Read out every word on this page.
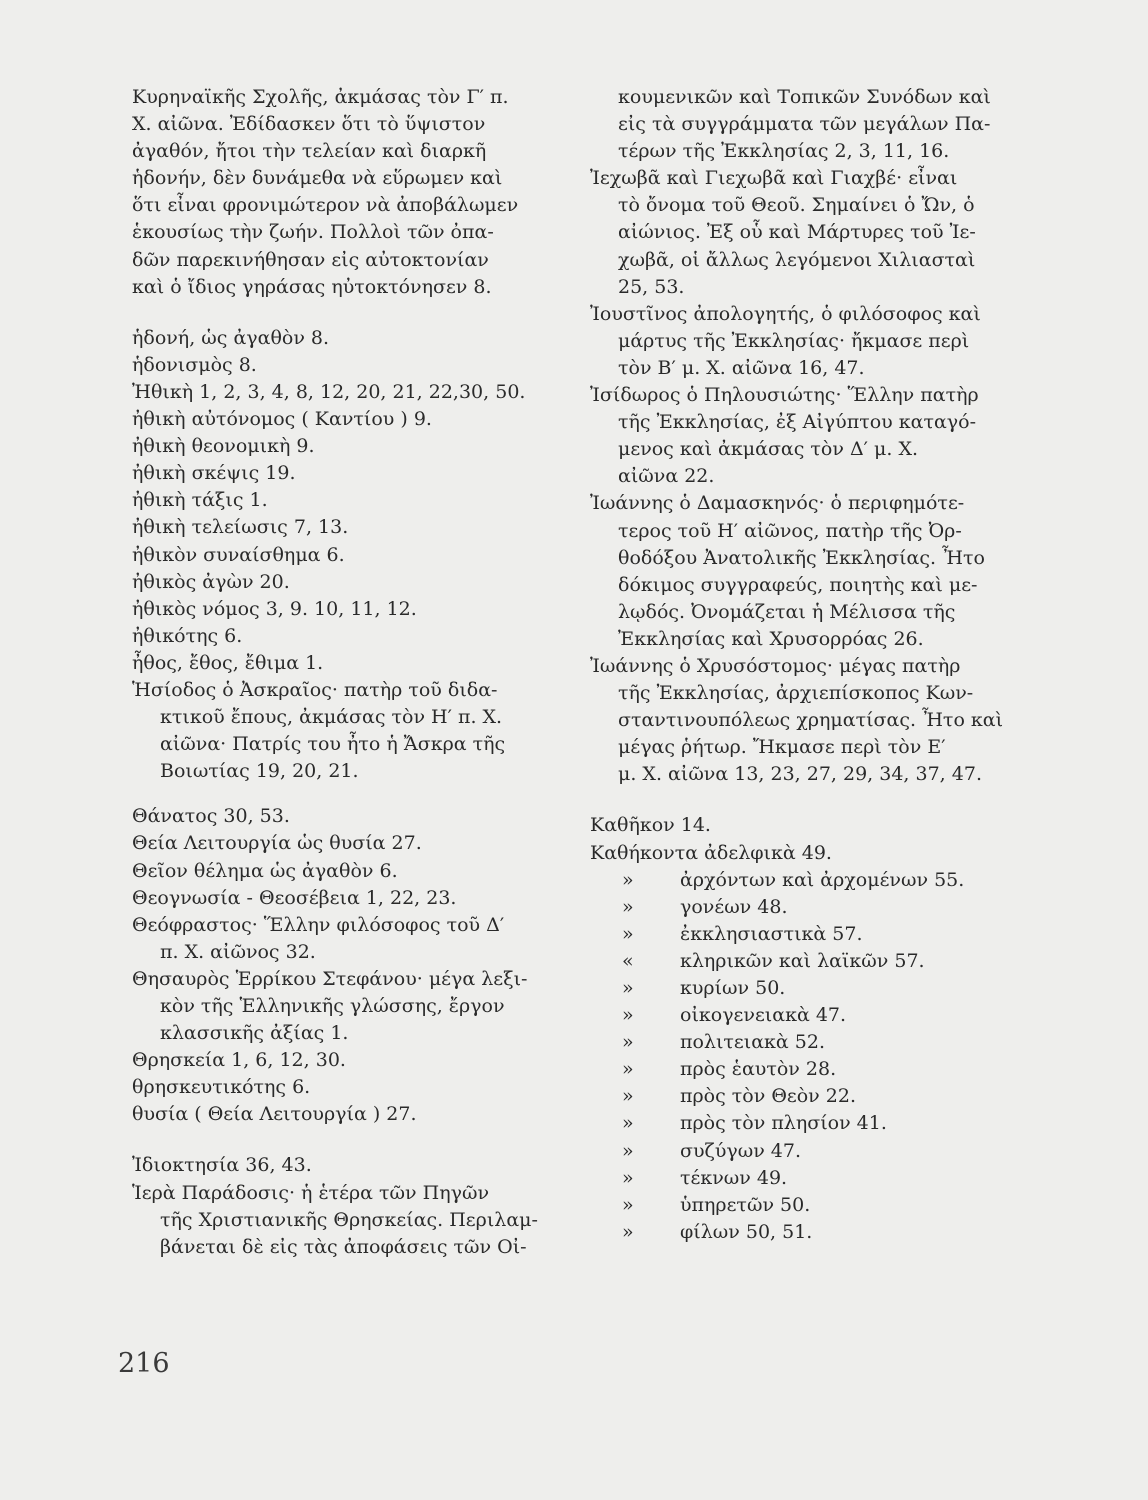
Κυρηναϊκῆς Σχολῆς, ἀκμάσας τὸν Γ′ π.

Χ. αἰῶνα. Ἐδίδασκεν ὅτι τὸ ὕψιστον

ἀγαθόν, ἤτοι τὴν τελείαν καὶ διαρκῆ

ἡδονήν, δὲν δυνάμεθα νὰ εὕρωμεν καὶ

ὅτι εἶναι φρονιμώτερον νὰ ἀποβάλωμεν

ἑκουσίως τὴν ζωήν. Πολλοὶ τῶν ὀπα-

δῶν παρεκινήθησαν εἰς αὐτοκτονίαν

καὶ ὁ ἴδιος γηράσας ηὐτοκτόνησεν 8.

ἡδονή, ὡς ἀγαθὸν 8.

ἡδονισμὸς 8.

Ἠθικὴ 1, 2, 3, 4, 8, 12, 20, 21, 22,30, 50.

ἠθικὴ αὐτόνομος ( Καντίου ) 9.

ἠθικὴ θεονομικὴ 9.

ἠθικὴ σκέψις 19.

ἠθικὴ τάξις 1.

ἠθικὴ τελείωσις 7, 13.

ἠθικὸν συναίσθημα 6.

ἠθικὸς ἀγὼν 20.

ἠθικὸς νόμος 3, 9. 10, 11, 12.

ἠθικότης 6.

ἦθος, ἔθος, ἔθιμα 1.

Ἡσίοδος ὁ Ἀσκραῖος· πατὴρ τοῦ διδα-

κτικοῦ ἔπους, ἀκμάσας τὸν Η′ π. Χ.

αἰῶνα· Πατρίς του ἦτο ἡ Ἄσκρα τῆς

Βοιωτίας 19, 20, 21.

Θάνατος 30, 53.

Θεία Λειτουργία ὡς θυσία 27.

Θεῖον θέλημα ὡς ἀγαθὸν 6.

Θεογνωσία - Θεοσέβεια 1, 22, 23.

Θεόφραστος· Ἕλλην φιλόσοφος τοῦ Δ′

π. Χ. αἰῶνος 32.

Θησαυρὸς Ἑρρίκου Στεφάνου· μέγα λεξι-

κὸν τῆς Ἑλληνικῆς γλώσσης, ἔργον

κλασσικῆς ἀξίας 1.

Θρησκεία 1, 6, 12, 30.

θρησκευτικότης 6.

θυσία ( Θεία Λειτουργία ) 27.

Ἰδιοκτησία 36, 43.

Ἱερὰ Παράδοσις· ἡ ἑτέρα τῶν Πηγῶν

τῆς Χριστιανικῆς Θρησκείας. Περιλαμ-

βάνεται δὲ εἰς τὰς ἀποφάσεις τῶν Οἰ-

κουμενικῶν καὶ Τοπικῶν Συνόδων καὶ

εἰς τὰ συγγράμματα τῶν μεγάλων Πα-

τέρων τῆς Ἐκκλησίας 2, 3, 11, 16.

Ἰεχωβᾶ καὶ Γιεχωβᾶ καὶ Γιαχβέ· εἶναι

τὸ ὄνομα τοῦ Θεοῦ. Σημαίνει ὁ Ὤν, ὁ

αἰώνιος. Ἐξ οὗ καὶ Μάρτυρες τοῦ Ἰε-

χωβᾶ, οἱ ἄλλως λεγόμενοι Χιλιασταὶ

25, 53.

Ἰουστῖνος ἀπολογητής, ὁ φιλόσοφος καὶ

μάρτυς τῆς Ἐκκλησίας· ἤκμασε περὶ

τὸν Β′ μ. Χ. αἰῶνα 16, 47.

Ἰσίδωρος ὁ Πηλουσιώτης· Ἕλλην πατὴρ

τῆς Ἐκκλησίας, ἐξ Αἰγύπτου καταγό-

μενος καὶ ἀκμάσας τὸν Δ′ μ. Χ.

αἰῶνα 22.

Ἰωάννης ὁ Δαμασκηνός· ὁ περιφημότε-

τερος τοῦ Η′ αἰῶνος, πατὴρ τῆς Ὀρ-

θοδόξου Ἀνατολικῆς Ἐκκλησίας. Ἦτο

δόκιμος συγγραφεύς, ποιητὴς καὶ με-

λῳδός. Ὀνομάζεται ἡ Μέλισσα τῆς

Ἐκκλησίας καὶ Χρυσορρόας 26.

Ἰωάννης ὁ Χρυσόστομος· μέγας πατὴρ

τῆς Ἐκκλησίας, ἀρχιεπίσκοπος Κων-

σταντινουπόλεως χρηματίσας. Ἦτο καὶ

μέγας ῥήτωρ. Ἤκμασε περὶ τὸν Ε′

μ. Χ. αἰῶνα 13, 23, 27, 29, 34, 37, 47.

Καθῆκον 14.

Καθήκοντα ἀδελφικὰ 49.

»	ἀρχόντων καὶ ἀρχομένων 55.
»	γονέων 48.
»	ἐκκλησιαστικὰ 57.
«	κληρικῶν καὶ λαϊκῶν 57.
»	κυρίων 50.
»	οἰκογενειακὰ 47.
»	πολιτειακὰ 52.
»	πρὸς ἑαυτὸν 28.
»	πρὸς τὸν Θεὸν 22.
»	πρὸς τὸν πλησίον 41.
»	συζύγων 47.
»	τέκνων 49.
»	ὑπηρετῶν 50.
»	φίλων 50, 51.
216
